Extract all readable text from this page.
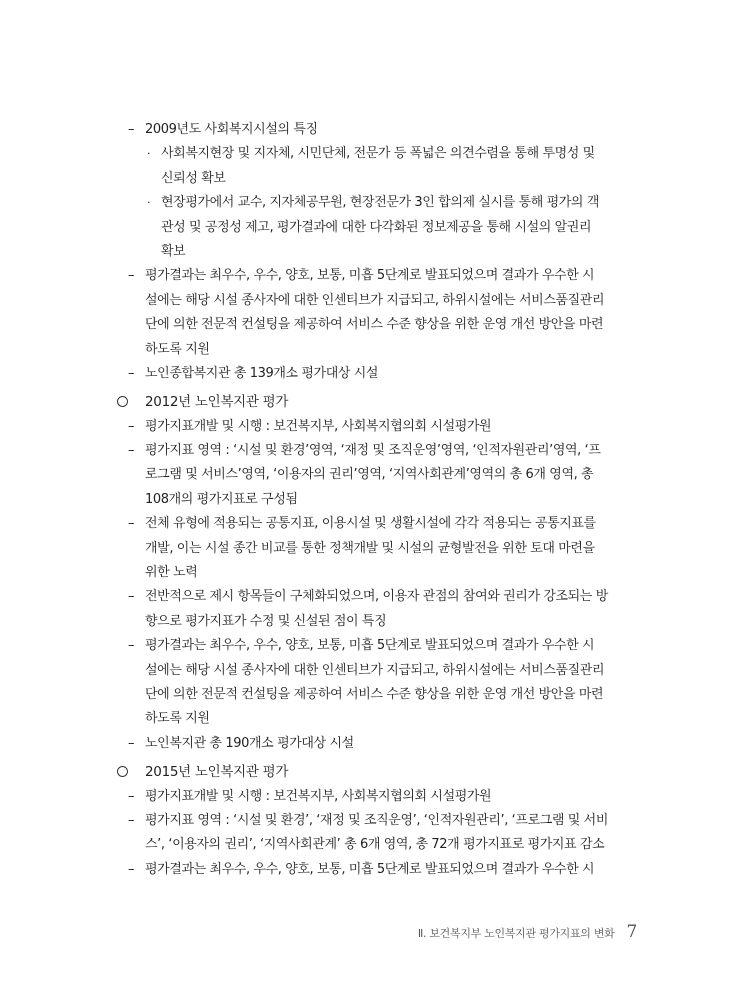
– 2009년도 사회복지시설의 특징
· 사회복지현장 및 지자체, 시민단체, 전문가 등 폭넓은 의견수렴을 통해 투명성 및
신뢰성 확보
· 현장평가에서 교수, 지자체공무원, 현장전문가 3인 합의제 실시를 통해 평가의 객
관성 및 공정성 제고, 평가결과에 대한 다각화된 정보제공을 통해 시설의 알권리
확보
– 평가결과는 최우수, 우수, 양호, 보통, 미흡 5단계로 발표되었으며 결과가 우수한 시
설에는 해당 시설 종사자에 대한 인센티브가 지급되고, 하위시설에는 서비스품질관리
단에 의한 전문적 컨설팅을 제공하여 서비스 수준 향상을 위한 운영 개선 방안을 마련
하도록 지원
– 노인종합복지관 총 139개소 평가대상 시설
2012년 노인복지관 평가
– 평가지표개발 및 시행 : 보건복지부, 사회복지협의회 시설평가원
– 평가지표 영역 : ‘시설 및 환경’영역, ‘재정 및 조직운영’영역, ‘인적자원관리’영역, ‘프
로그램 및 서비스’영역, ‘이용자의 권리’영역, ‘지역사회관계’영역의 총 6개 영역, 총
108개의 평가지표로 구성됨
– 전체 유형에 적용되는 공통지표, 이용시설 및 생활시설에 각각 적용되는 공통지표를
개발, 이는 시설 종간 비교를 통한 정책개발 및 시설의 균형발전을 위한 토대 마련을
위한 노력
– 전반적으로 제시 항목들이 구체화되었으며, 이용자 관점의 참여와 권리가 강조되는 방
향으로 평가지표가 수정 및 신설된 점이 특징
– 평가결과는 최우수, 우수, 양호, 보통, 미흡 5단계로 발표되었으며 결과가 우수한 시
설에는 해당 시설 종사자에 대한 인센티브가 지급되고, 하위시설에는 서비스품질관리
단에 의한 전문적 컨설팅을 제공하여 서비스 수준 향상을 위한 운영 개선 방안을 마련
하도록 지원
– 노인복지관 총 190개소 평가대상 시설
2015년 노인복지관 평가
– 평가지표개발 및 시행 : 보건복지부, 사회복지협의회 시설평가원
– 평가지표 영역 : ‘시설 및 환경’, ‘재정 및 조직운영’, ‘인적자원관리’, ‘프로그램 및 서비
스’, ‘이용자의 권리’, ‘지역사회관계’ 총 6개 영역, 총 72개 평가지표로 평가지표 감소
– 평가결과는 최우수, 우수, 양호, 보통, 미흡 5단계로 발표되었으며 결과가 우수한 시
Ⅱ. 보건복지부 노인복지관 평가지표의 변화 7
